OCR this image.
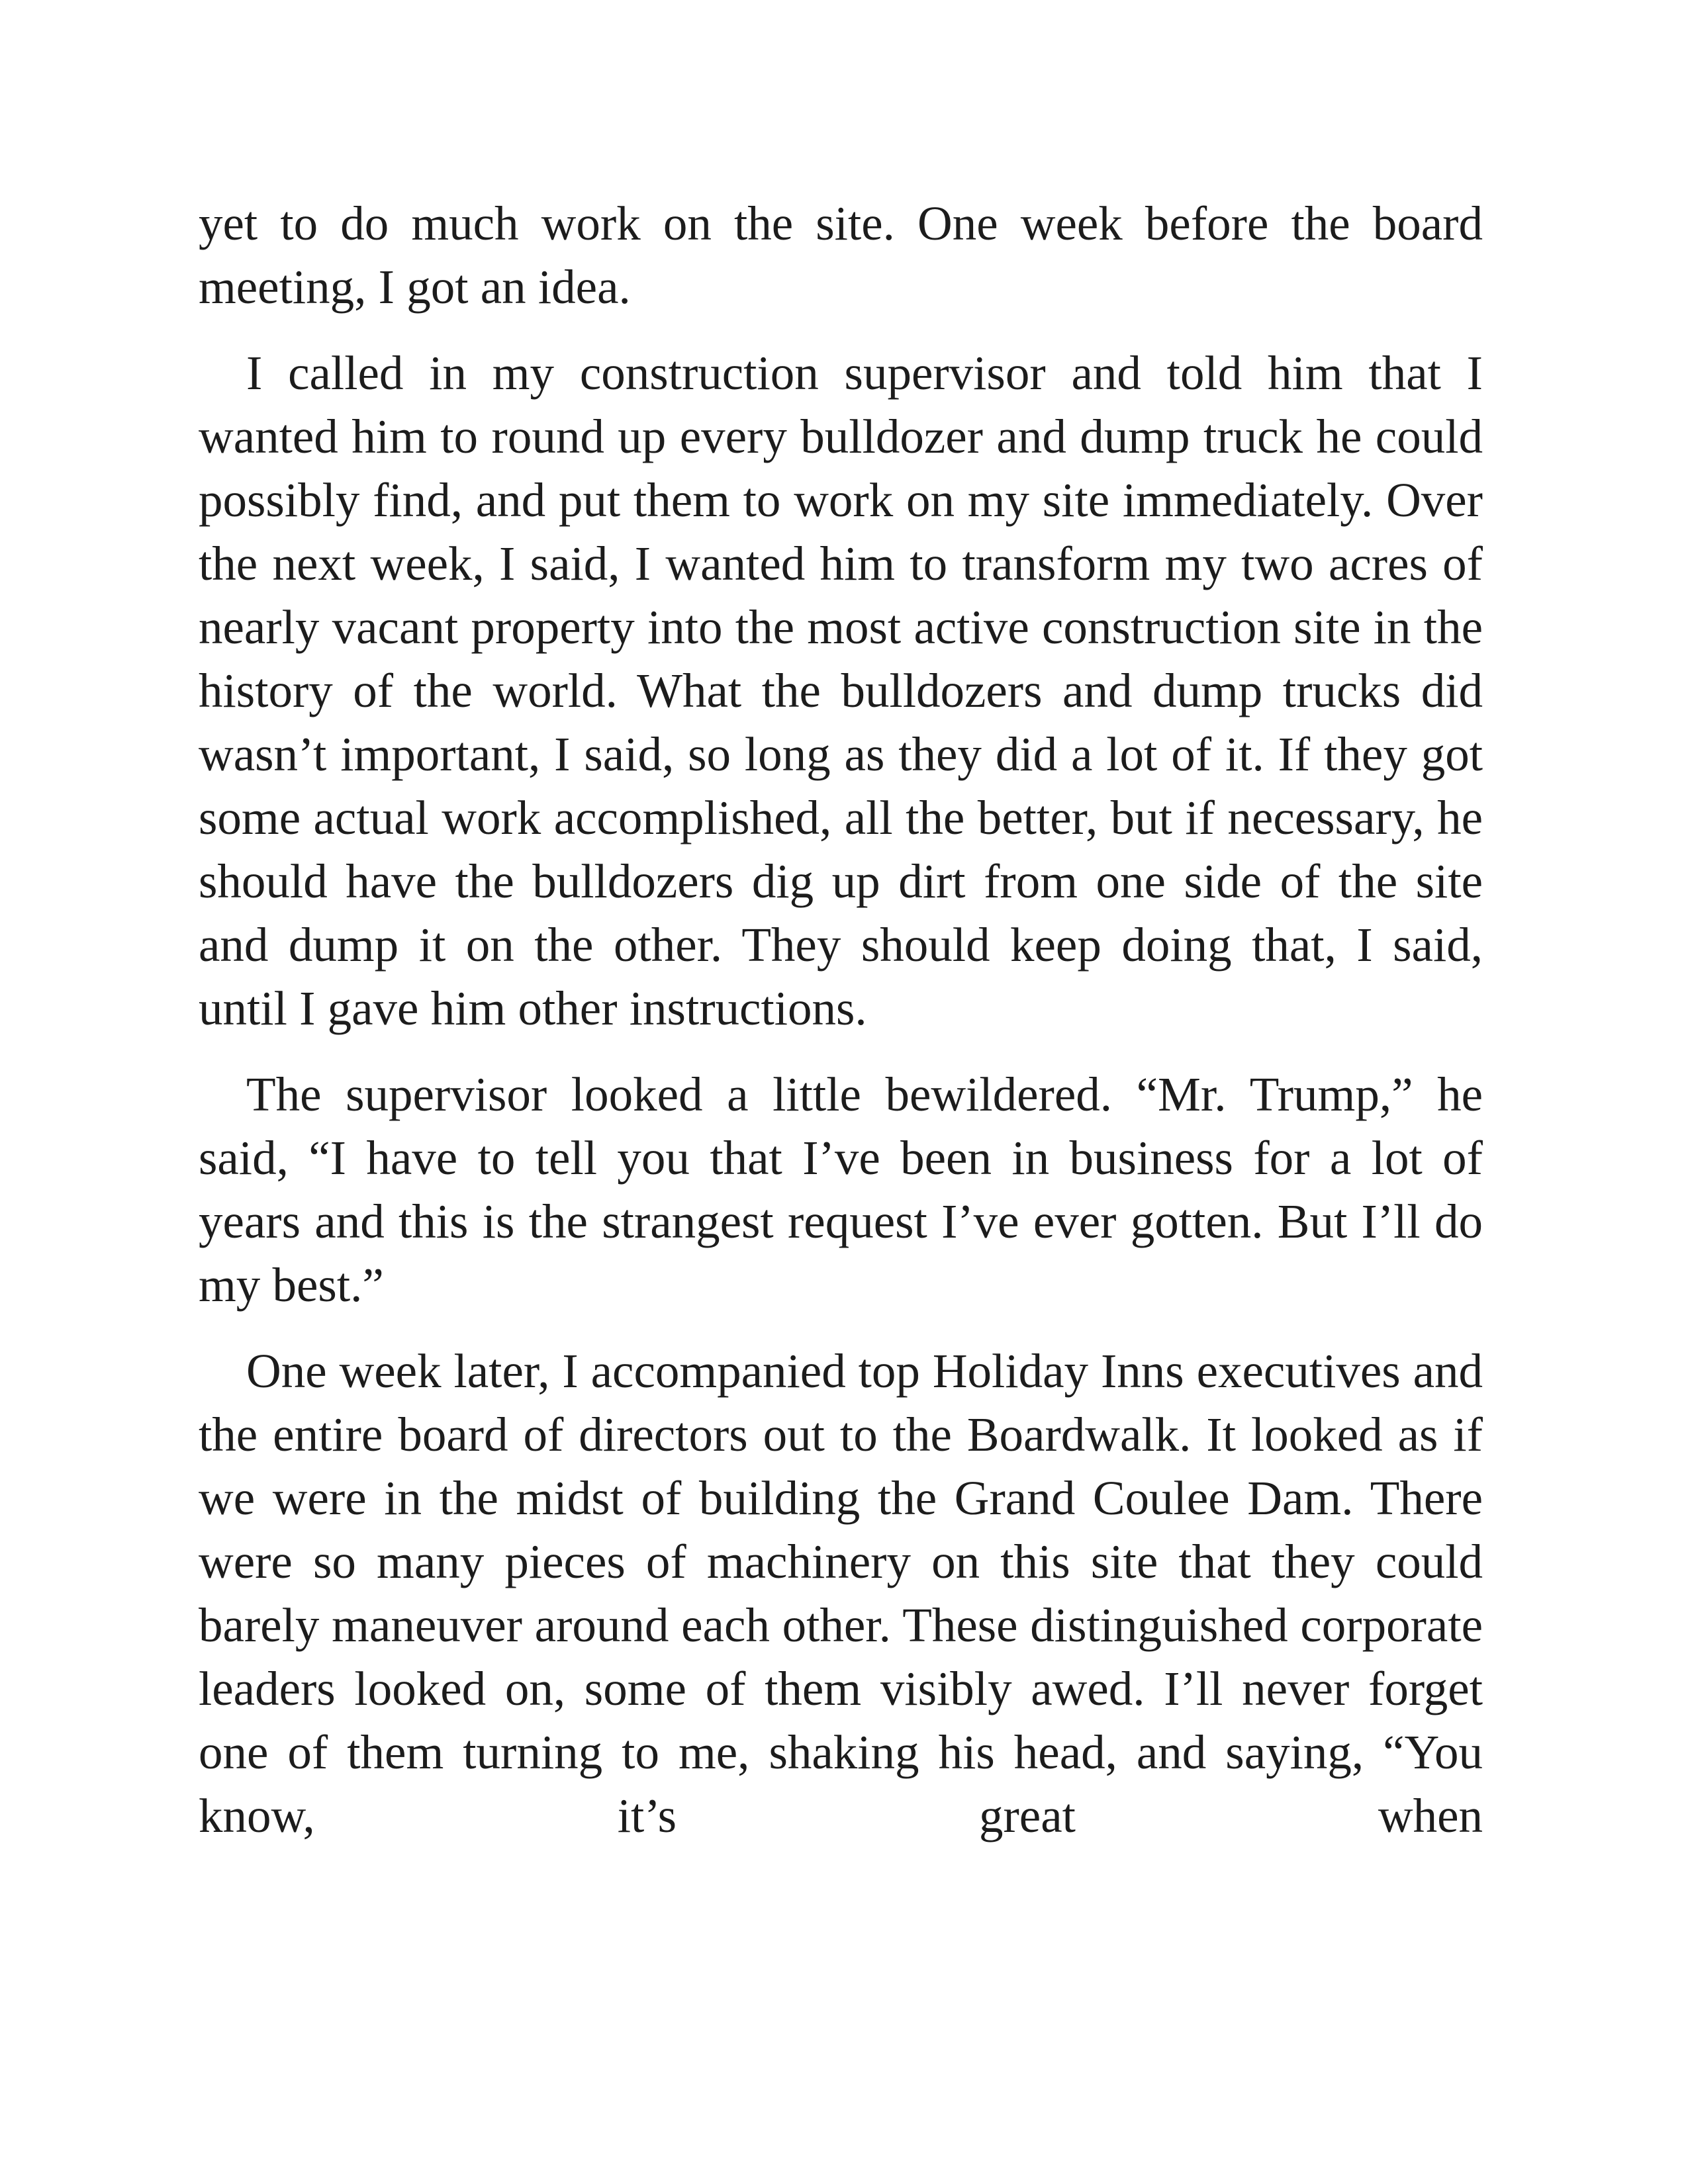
yet to do much work on the site. One week before the board meeting, I got an idea.

I called in my construction supervisor and told him that I wanted him to round up every bulldozer and dump truck he could possibly find, and put them to work on my site immediately. Over the next week, I said, I wanted him to transform my two acres of nearly vacant property into the most active construction site in the history of the world. What the bulldozers and dump trucks did wasn’t important, I said, so long as they did a lot of it. If they got some actual work accomplished, all the better, but if necessary, he should have the bulldozers dig up dirt from one side of the site and dump it on the other. They should keep doing that, I said, until I gave him other instructions.

The supervisor looked a little bewildered. “Mr. Trump,” he said, “I have to tell you that I’ve been in business for a lot of years and this is the strangest request I’ve ever gotten. But I’ll do my best.”

One week later, I accompanied top Holiday Inns executives and the entire board of directors out to the Boardwalk. It looked as if we were in the midst of building the Grand Coulee Dam. There were so many pieces of machinery on this site that they could barely maneuver around each other. These distinguished corporate leaders looked on, some of them visibly awed. I’ll never forget one of them turning to me, shaking his head, and saying, “You know, it’s great when
